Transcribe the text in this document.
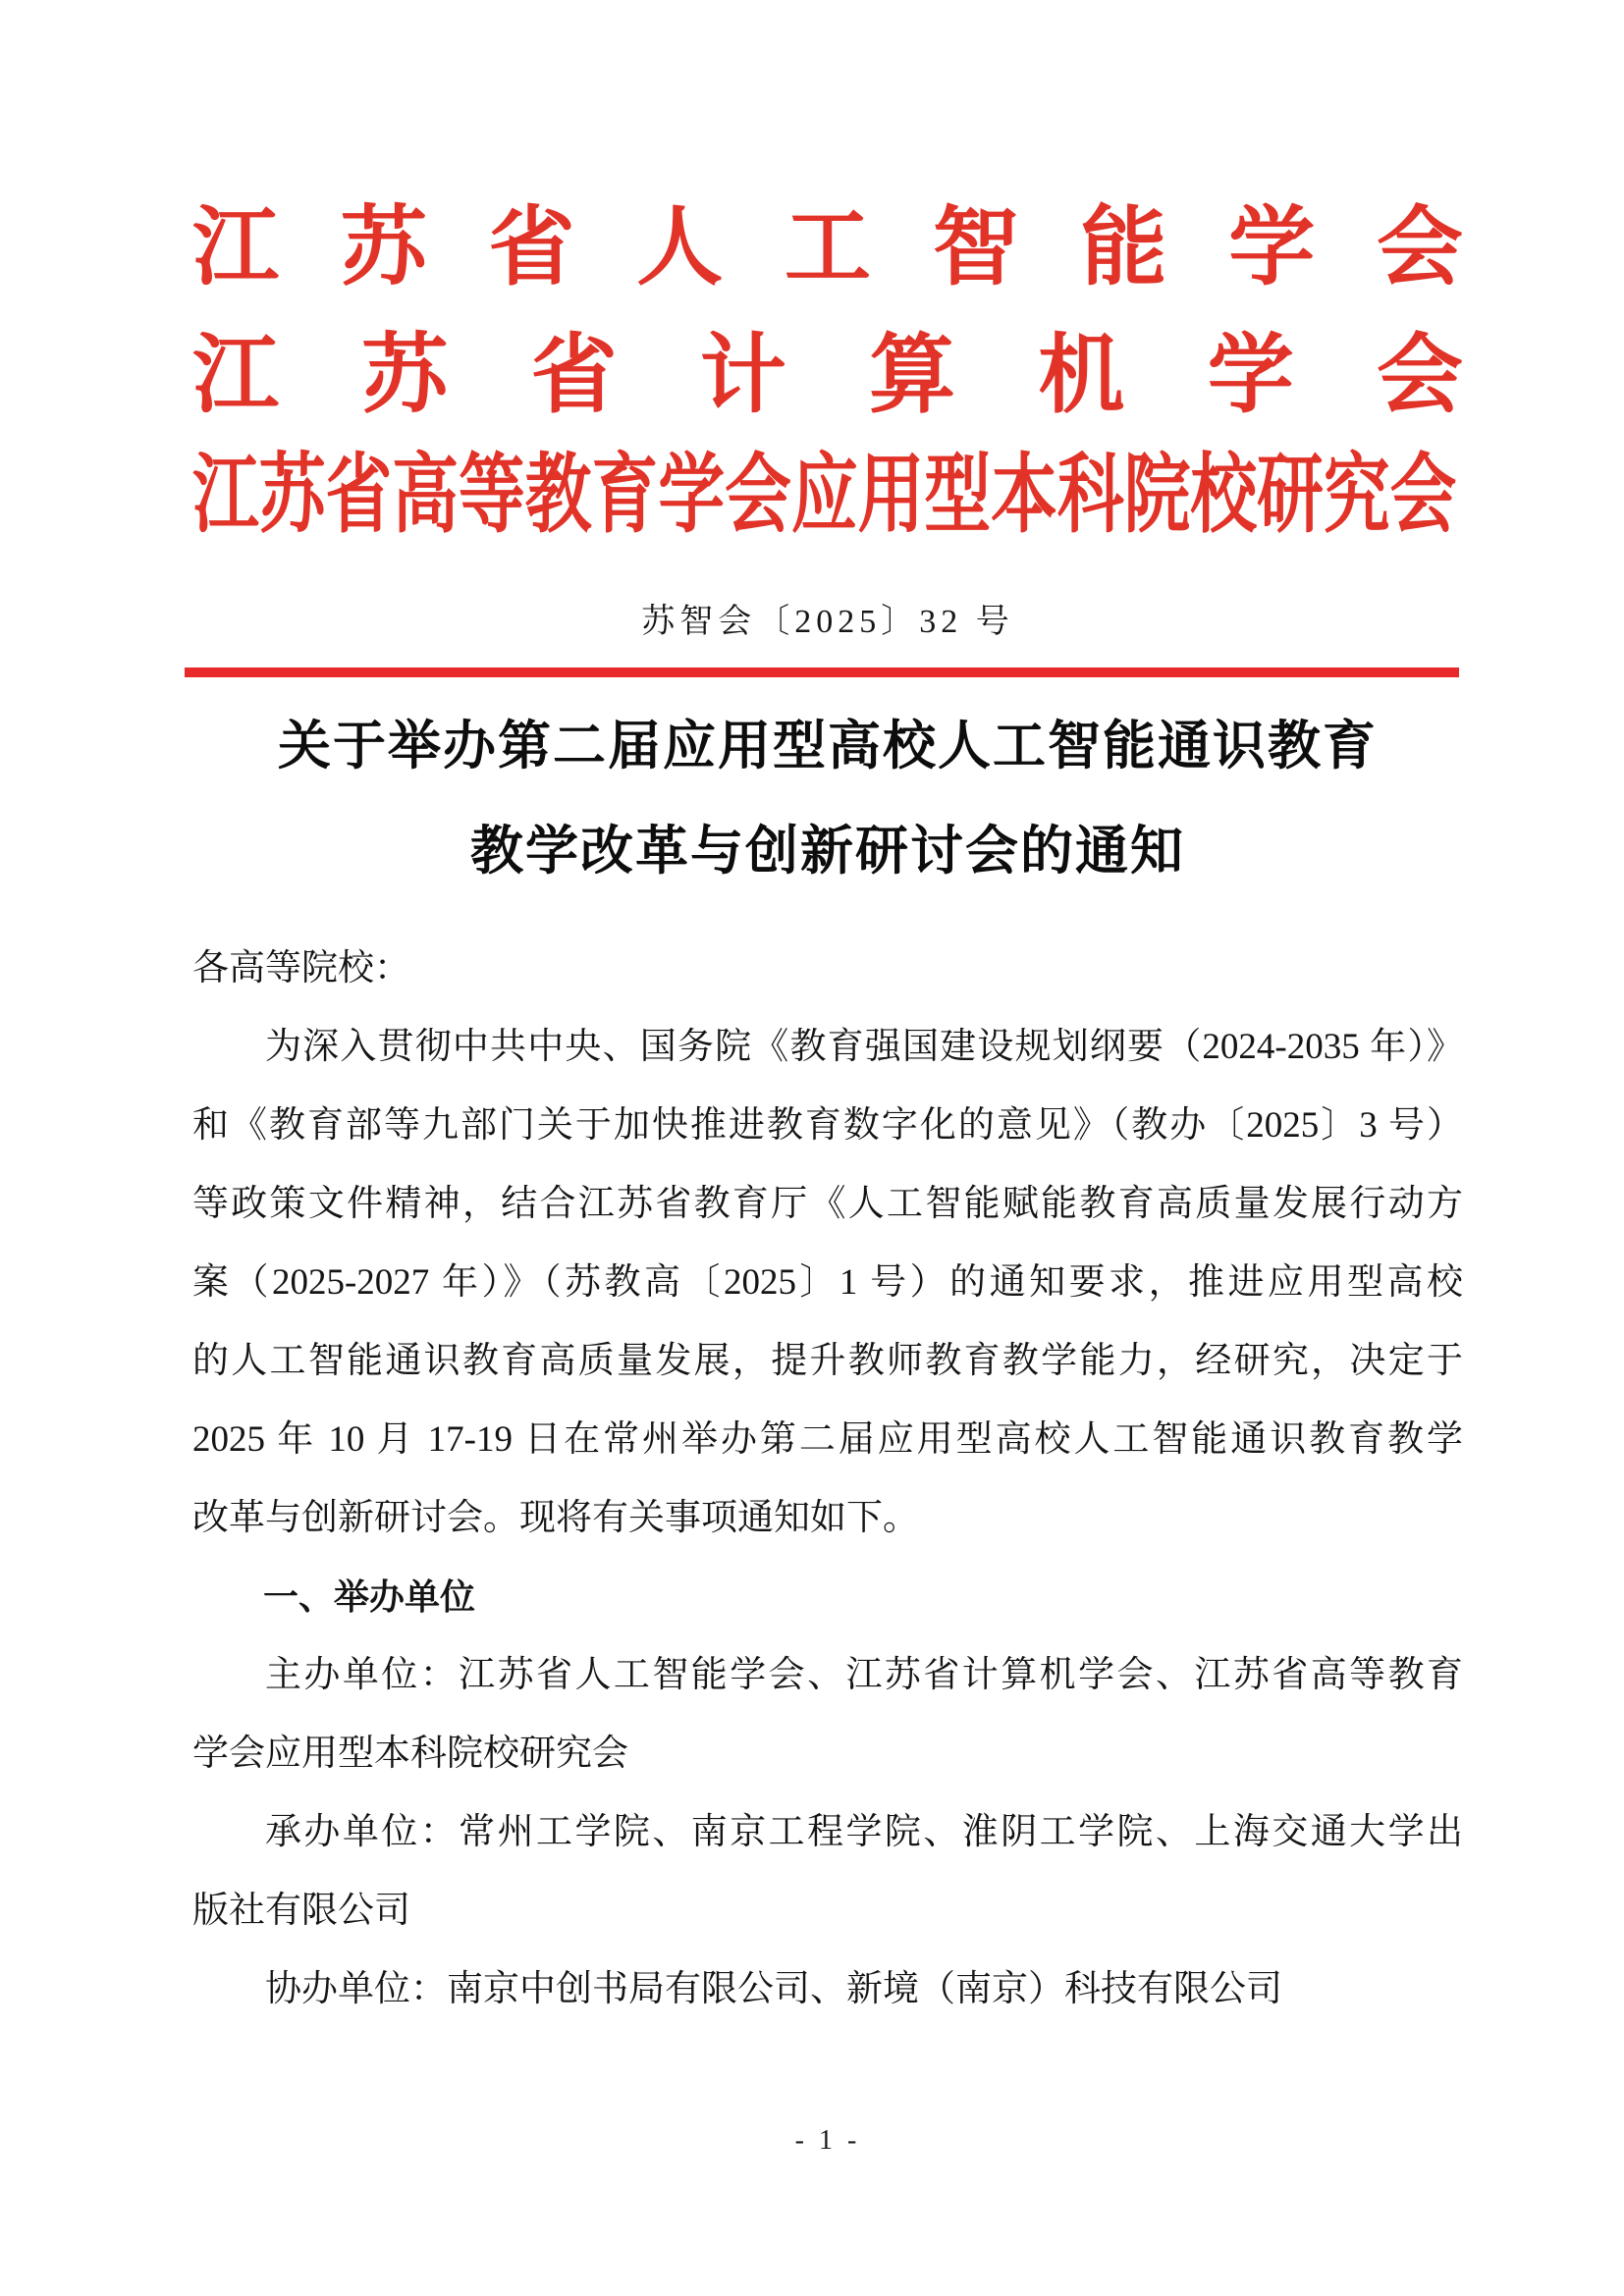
江苏省人工智能学会
江苏省计算机学会
江苏省高等教育学会应用型本科院校研究会
苏智会〔2025〕32 号
关于举办第二届应用型高校人工智能通识教育
教学改革与创新研讨会的通知
各高等院校：
为深入贯彻中共中央、国务院《教育强国建设规划纲要（2024-2035 年）》
和《教育部等九部门关于加快推进教育数字化的意见》（教办〔2025〕3 号）
等政策文件精神，结合江苏省教育厅《人工智能赋能教育高质量发展行动方
案（2025-2027 年）》（苏教高〔2025〕1 号）的通知要求，推进应用型高校
的人工智能通识教育高质量发展，提升教师教育教学能力，经研究，决定于
2025 年 10 月 17-19 日在常州举办第二届应用型高校人工智能通识教育教学
改革与创新研讨会。现将有关事项通知如下。
一、举办单位
主办单位：江苏省人工智能学会、江苏省计算机学会、江苏省高等教育
学会应用型本科院校研究会
承办单位：常州工学院、南京工程学院、淮阴工学院、上海交通大学出
版社有限公司
协办单位：南京中创书局有限公司、新境（南京）科技有限公司
- 1 -
